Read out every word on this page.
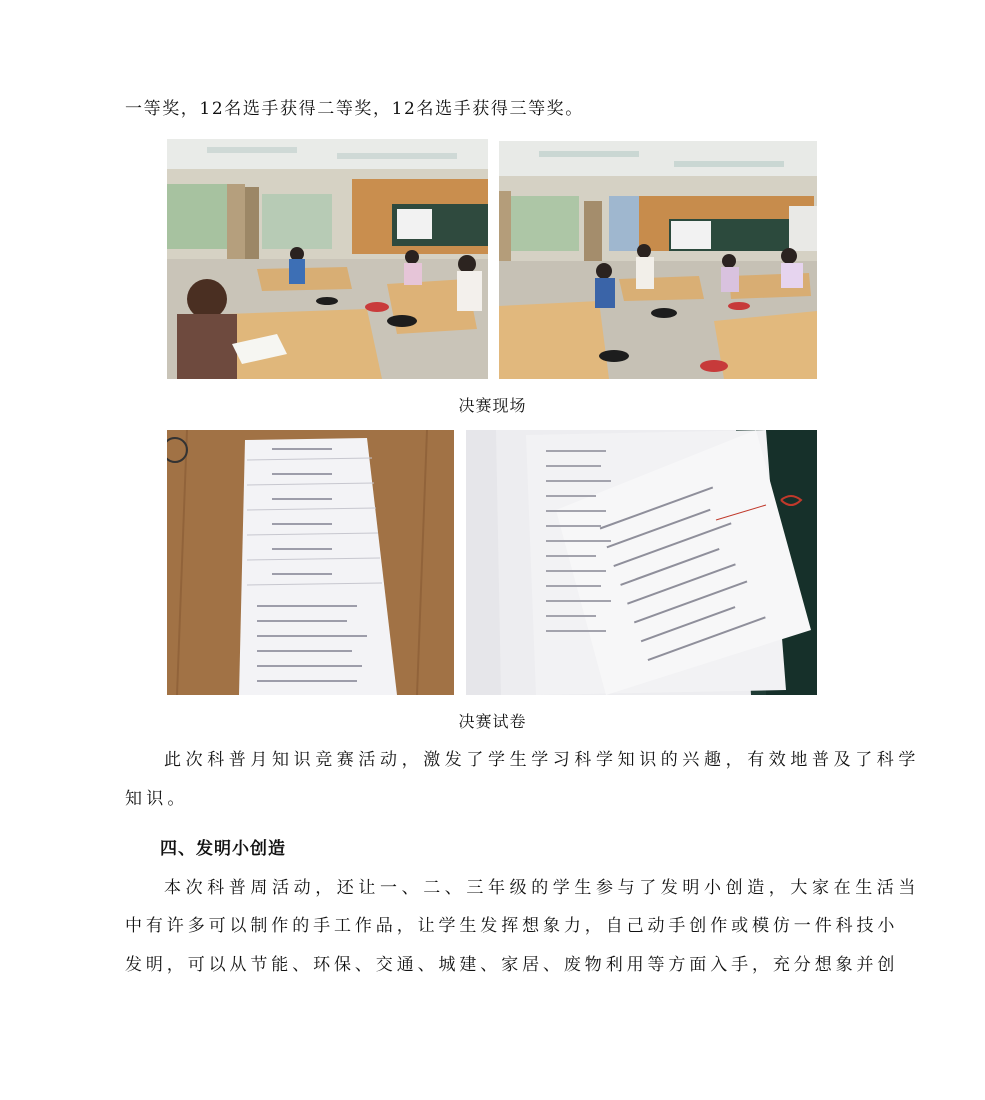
一等奖，12名选手获得二等奖，12名选手获得三等奖。
决赛现场
决赛试卷
此次科普月知识竞赛活动，激发了学生学习科学知识的兴趣，有效地普及了科学
知识。
四、发明小创造
本次科普周活动，还让一、二、三年级的学生参与了发明小创造，大家在生活当
中有许多可以制作的手工作品，让学生发挥想象力，自己动手创作或模仿一件科技小
发明，可以从节能、环保、交通、城建、家居、废物利用等方面入手，充分想象并创
